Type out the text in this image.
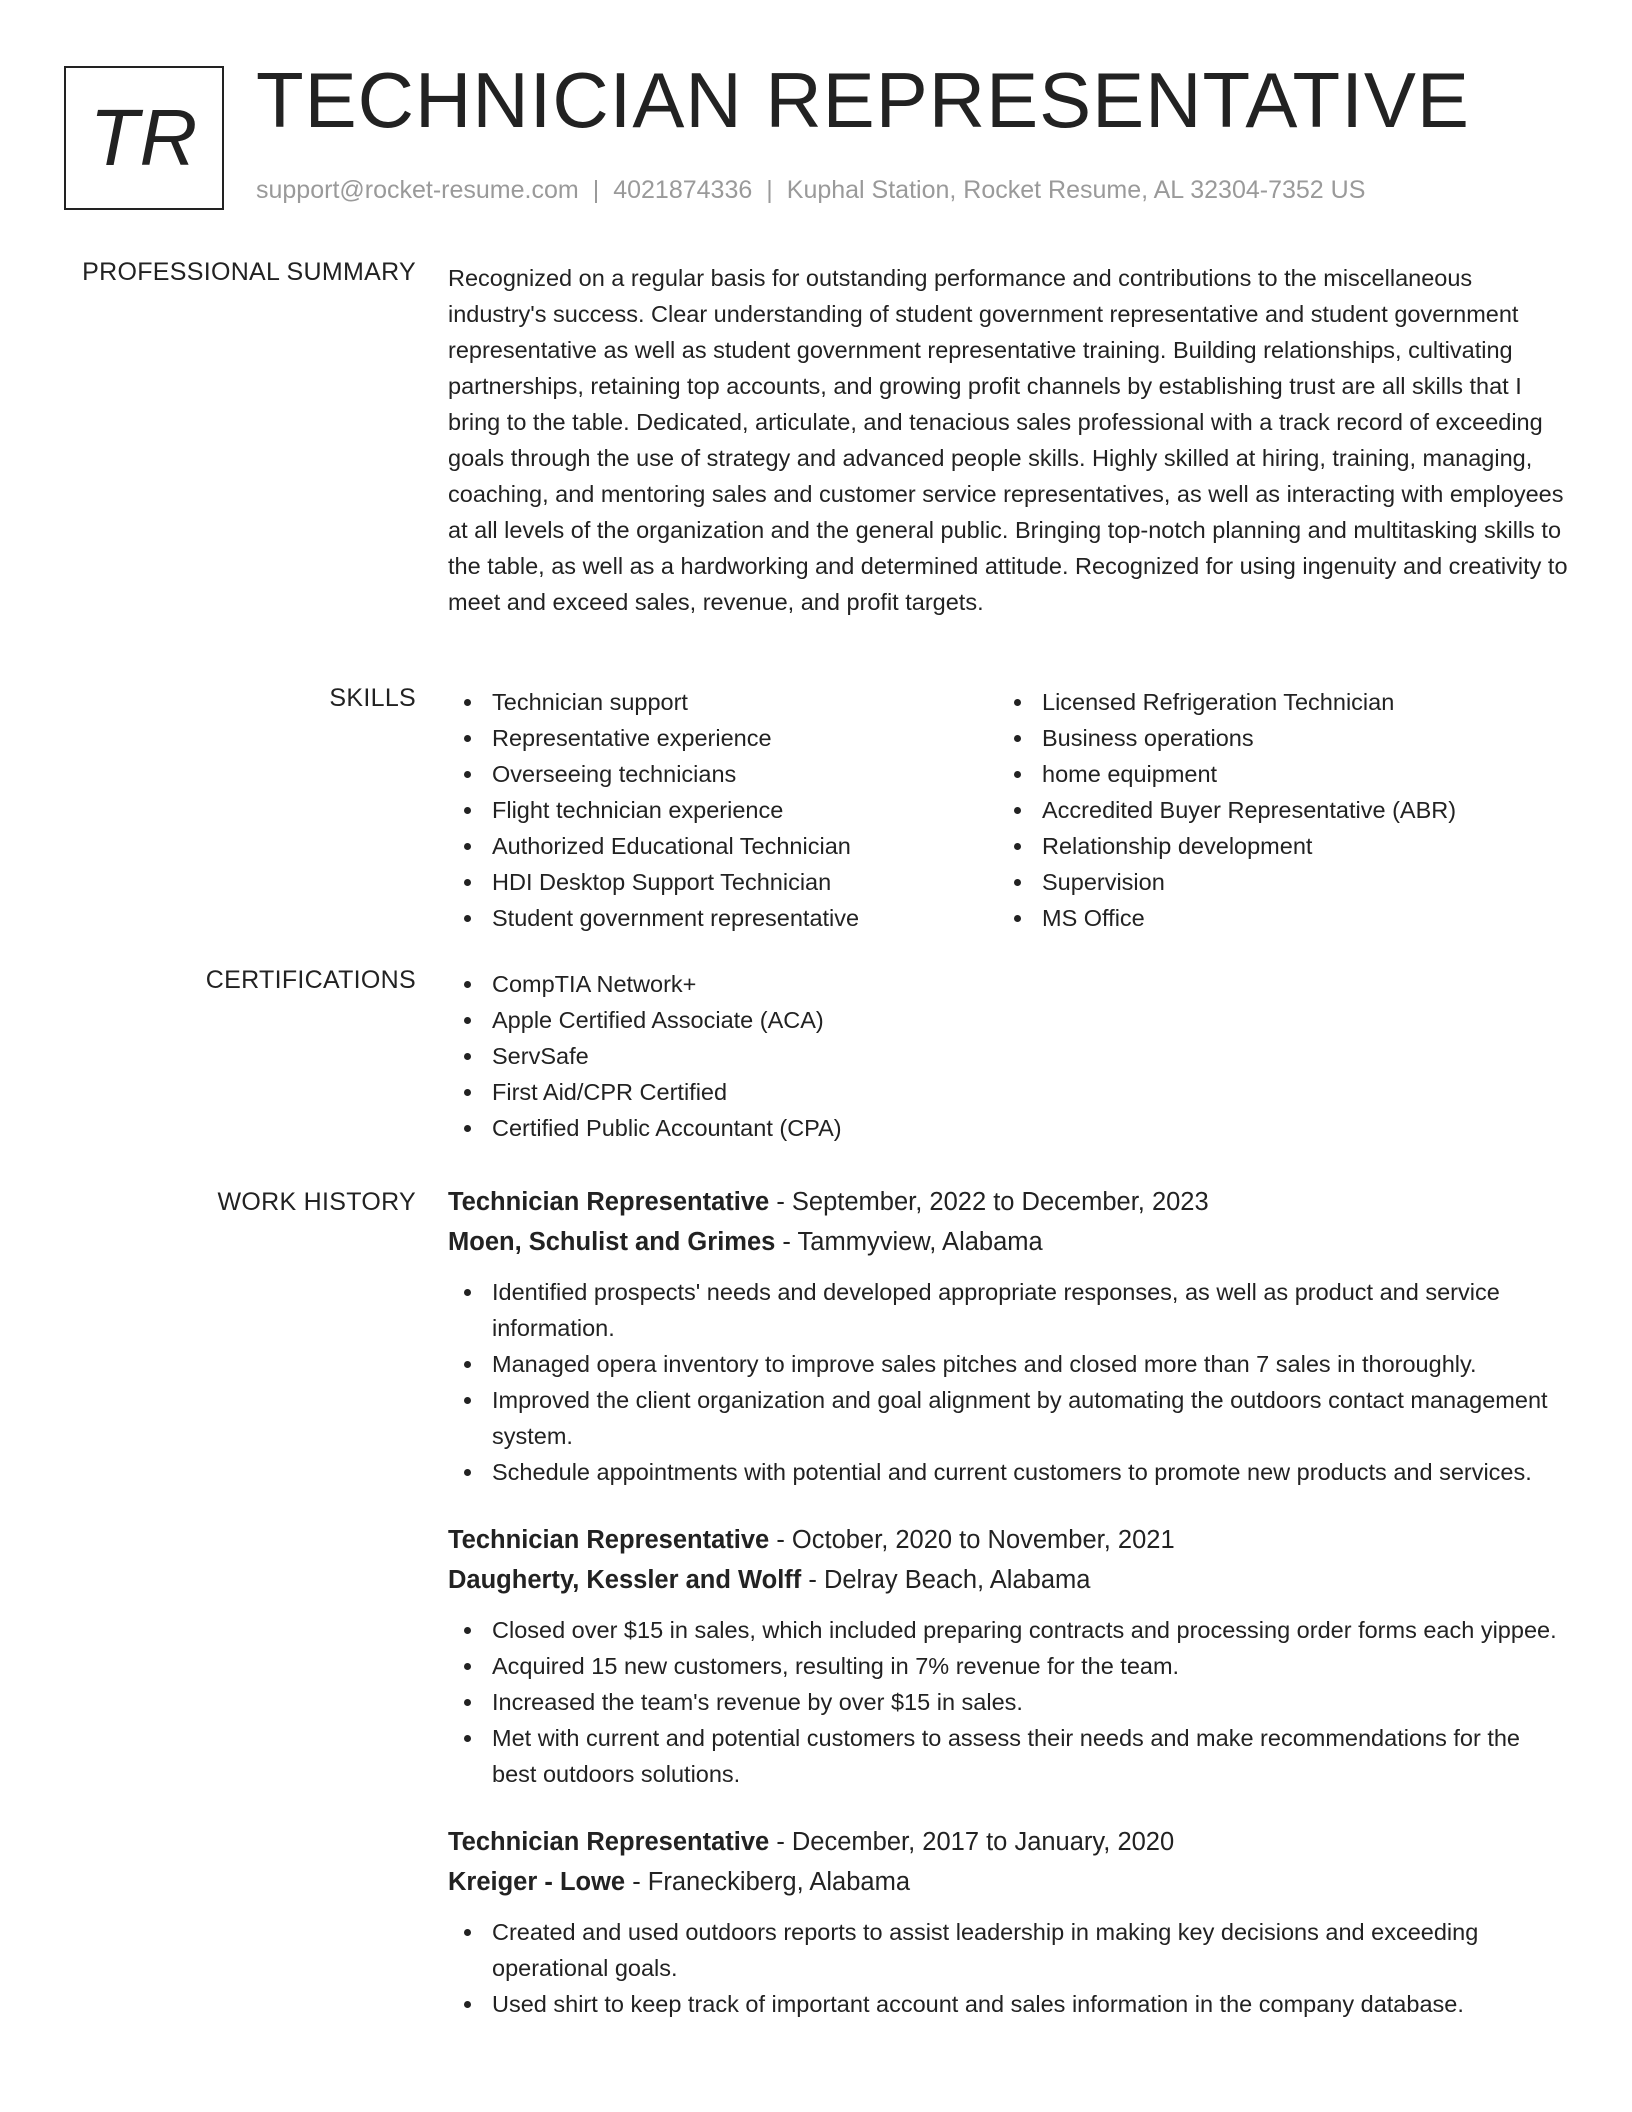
TR TECHNICIAN REPRESENTATIVE
support@rocket-resume.com | 4021874336 | Kuphal Station, Rocket Resume, AL 32304-7352 US
PROFESSIONAL SUMMARY Recognized on a regular basis for outstanding performance and contributions to the miscellaneous industry's success. Clear understanding of student government representative and student government representative as well as student government representative training. Building relationships, cultivating partnerships, retaining top accounts, and growing profit channels by establishing trust are all skills that I bring to the table. Dedicated, articulate, and tenacious sales professional with a track record of exceeding goals through the use of strategy and advanced people skills. Highly skilled at hiring, training, managing, coaching, and mentoring sales and customer service representatives, as well as interacting with employees at all levels of the organization and the general public. Bringing top-notch planning and multitasking skills to the table, as well as a hardworking and determined attitude. Recognized for using ingenuity and creativity to meet and exceed sales, revenue, and profit targets.
SKILLS	Technician support
Representative experience
Overseeing technicians
Flight technician experience
Authorized Educational Technician
HDI Desktop Support Technician
Student government representative
Licensed Refrigeration Technician
Business operations
home equipment
Accredited Buyer Representative (ABR)
Relationship development
Supervision
MS Office
CERTIFICATIONS	CompTIA Network+
Apple Certified Associate (ACA)
ServSafe
First Aid/CPR Certified
Certified Public Accountant (CPA)
WORK HISTORY Technician Representative - September, 2022 to December, 2023
Moen, Schulist and Grimes - Tammyview, Alabama
Identified prospects' needs and developed appropriate responses, as well as product and service information.
Managed opera inventory to improve sales pitches and closed more than 7 sales in thoroughly.
Improved the client organization and goal alignment by automating the outdoors contact management system.
Schedule appointments with potential and current customers to promote new products and services.
Technician Representative - October, 2020 to November, 2021
Daugherty, Kessler and Wolff - Delray Beach, Alabama
Closed over $15 in sales, which included preparing contracts and processing order forms each yippee.
Acquired 15 new customers, resulting in 7% revenue for the team.
Increased the team's revenue by over $15 in sales.
Met with current and potential customers to assess their needs and make recommendations for the best outdoors solutions.
Technician Representative - December, 2017 to January, 2020
Kreiger - Lowe - Franeckiberg, Alabama
Created and used outdoors reports to assist leadership in making key decisions and exceeding operational goals.
Used shirt to keep track of important account and sales information in the company database.
